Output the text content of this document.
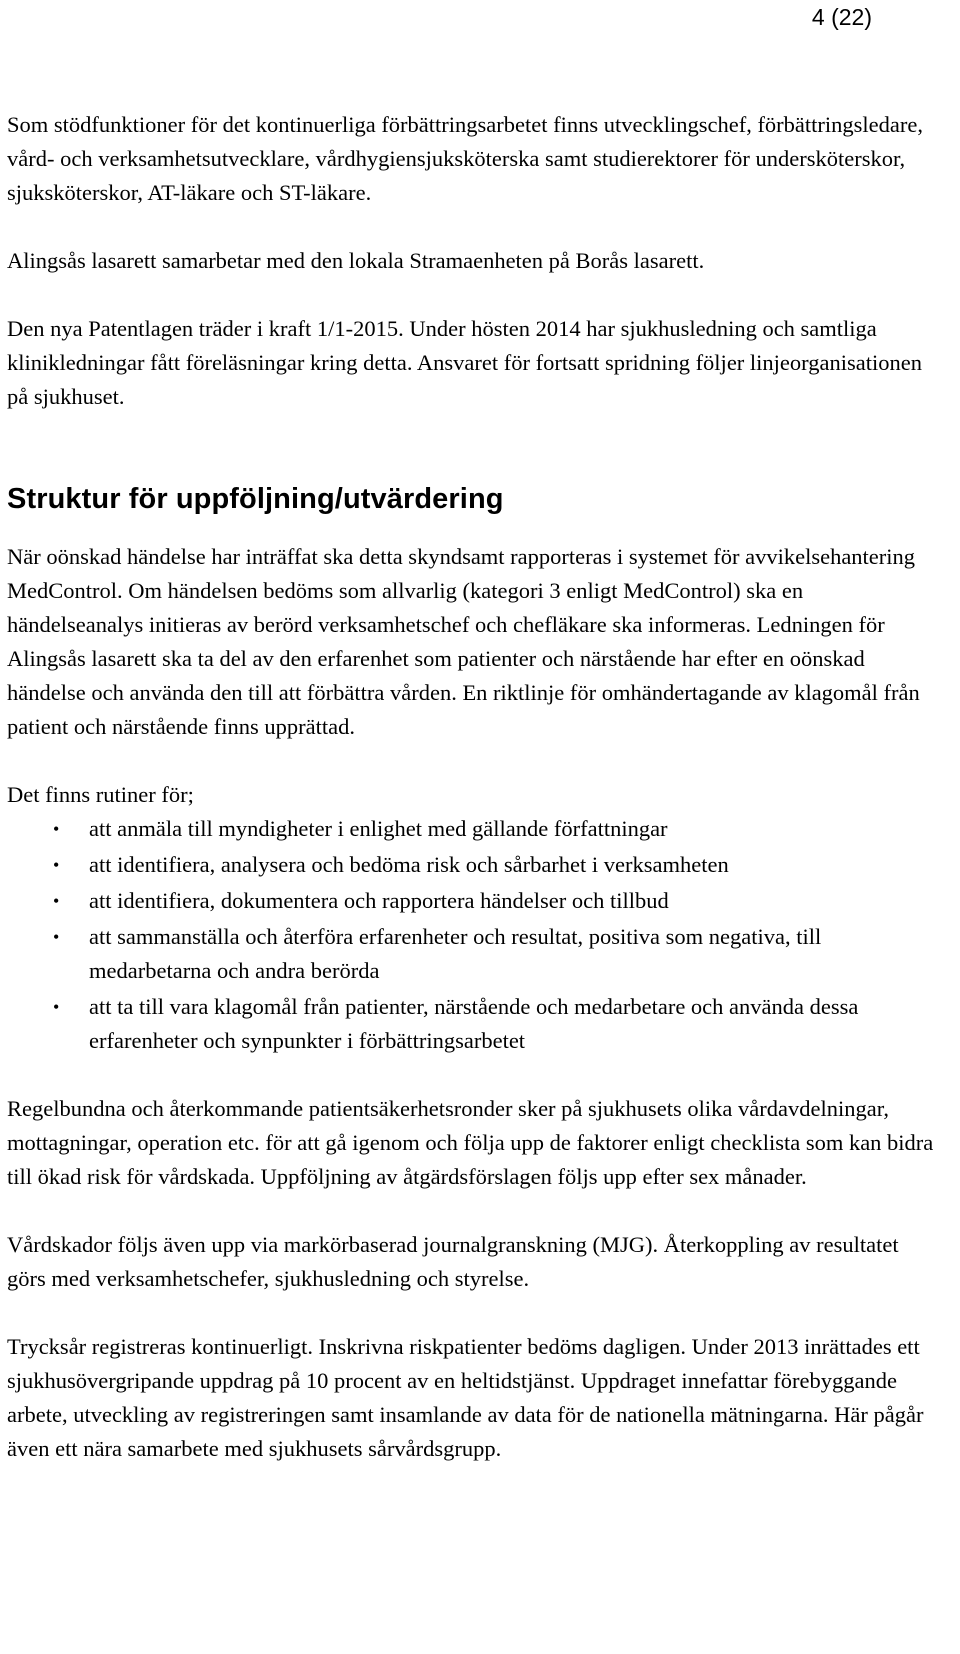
4 (22)

Som stödfunktioner för det kontinuerliga förbättringsarbetet finns utvecklingschef, förbättringsledare, vård- och verksamhetsutvecklare, vårdhygiensjuksköterska samt studierektorer för undersköterskor, sjuksköterskor, AT-läkare och ST-läkare.

Alingsås lasarett samarbetar med den lokala Stramaenheten på Borås lasarett.

Den nya Patentlagen träder i kraft 1/1-2015. Under hösten 2014 har sjukhusledning och samtliga klinikledningar fått föreläsningar kring detta. Ansvaret för fortsatt spridning följer linjeorganisationen på sjukhuset.

Struktur för uppföljning/utvärdering

När oönskad händelse har inträffat ska detta skyndsamt rapporteras i systemet för avvikelsehantering MedControl. Om händelsen bedöms som allvarlig (kategori 3 enligt MedControl) ska en händelseanalys initieras av berörd verksamhetschef och chefläkare ska informeras. Ledningen för Alingsås lasarett ska ta del av den erfarenhet som patienter och närstående har efter en oönskad händelse och använda den till att förbättra vården. En riktlinje för omhändertagande av klagomål från patient och närstående finns upprättad.

Det finns rutiner för;

• att anmäla till myndigheter i enlighet med gällande författningar
• att identifiera, analysera och bedöma risk och sårbarhet i verksamheten
• att identifiera, dokumentera och rapportera händelser och tillbud
• att sammanställa och återföra erfarenheter och resultat, positiva som negativa, till medarbetarna och andra berörda
• att ta till vara klagomål från patienter, närstående och medarbetare och använda dessa erfarenheter och synpunkter i förbättringsarbetet

Regelbundna och återkommande patientsäkerhetsronder sker på sjukhusets olika vårdavdelningar, mottagningar, operation etc. för att gå igenom och följa upp de faktorer enligt checklista som kan bidra till ökad risk för vårdskada. Uppföljning av åtgärdsförslagen följs upp efter sex månader.

Vårdskador följs även upp via markörbaserad journalgranskning (MJG). Återkoppling av resultatet görs med verksamhetschefer, sjukhusledning och styrelse.

Trycksår registreras kontinuerligt. Inskrivna riskpatienter bedöms dagligen. Under 2013 inrättades ett sjukhusövergripande uppdrag på 10 procent av en heltidstjänst. Uppdraget innefattar förebyggande arbete, utveckling av registreringen samt insamlande av data för de nationella mätningarna. Här pågår även ett nära samarbete med sjukhusets sårvårdsgrupp.
